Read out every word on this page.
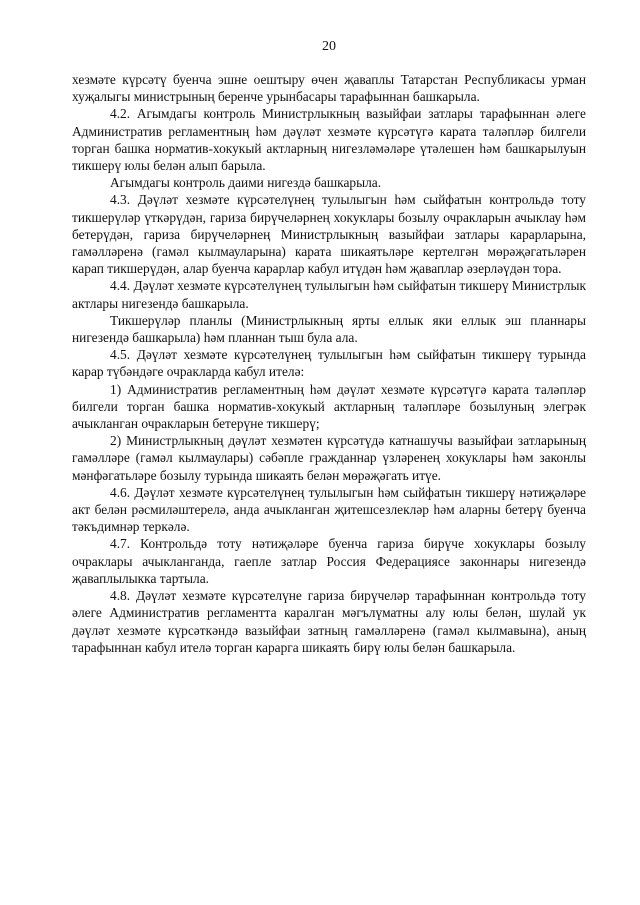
20

хезмәте күрсәтү буенча эшне оештыру өчен җаваплы Татарстан Республикасы урман хуҗалыгы министрының беренче урынбасары тарафыннан башкарыла.

4.2. Агымдагы контроль Министрлыкның вазыйфаи затлары тарафыннан әлеге Административ регламентның һәм дәүләт хезмәте күрсәтүгә карата таләпләр билгели торган башка норматив-хокукый актларның нигезләмәләре үтәлешен һәм башкарылуын тикшерү юлы белән алып барыла.

Агымдагы контроль даими нигездә башкарыла.

4.3. Дәүләт хезмәте күрсәтелүнең тулылыгын һәм сыйфатын контрольдә тоту тикшерүләр үткәрүдән, гариза бирүчеләрнең хокуклары бозылу очракларын ачыклау һәм бетерүдән, гариза бирүчеләрнең Министрлыкның вазыйфаи затлары карарларына, гамәлләренә (гамәл кылмауларына) карата шикаятьләре кертелгән мөрәҗәгатьләрен карап тикшерүдән, алар буенча карарлар кабул итүдән һәм җаваплар әзерләүдән тора.

4.4. Дәүләт хезмәте күрсәтелүнең тулылыгын һәм сыйфатын тикшерү Министрлык актлары нигезендә башкарыла.

Тикшерүләр планлы (Министрлыкның ярты еллык яки еллык эш планнары нигезендә башкарыла) һәм планнан тыш була ала.

4.5. Дәүләт хезмәте күрсәтелүнең тулылыгын һәм сыйфатын тикшерү турында карар түбәндәге очракларда кабул ителә:

1) Административ регламентның һәм дәүләт хезмәте күрсәтүгә карата таләпләр билгели торган башка норматив-хокукый актларның таләпләре бозылуның элегрәк ачыкланган очракларын бетерүне тикшерү;

2) Министрлыкның дәүләт хезмәтен күрсәтүдә катнашучы вазыйфаи затларының гамәлләре (гамәл кылмаулары) сәбәпле гражданнар үзләренең хокуклары һәм законлы мәнфәгатьләре бозылу турында шикаять белән мөрәҗәгать итүе.

4.6. Дәүләт хезмәте күрсәтелүнең тулылыгын һәм сыйфатын тикшерү нәтиҗәләре акт белән рәсмиләштерелә, анда ачыкланган җитешсезлекләр һәм аларны бетерү буенча тәкъдимнәр теркәлә.

4.7. Контрольдә тоту нәтиҗәләре буенча гариза бирүче хокуклары бозылу очраклары ачыкланганда, гаепле затлар Россия Федерациясе законнары нигезендә җаваплылыкка тартыла.

4.8. Дәүләт хезмәте күрсәтелүне гариза бирүчеләр тарафыннан контрольдә тоту әлеге Административ регламентта каралган мәгълүматны алу юлы белән, шулай ук дәүләт хезмәте күрсәткәндә вазыйфаи затның гамәлләренә (гамәл кылмавына), аның тарафыннан кабул ителә торган карарга шикаять бирү юлы белән башкарыла.
